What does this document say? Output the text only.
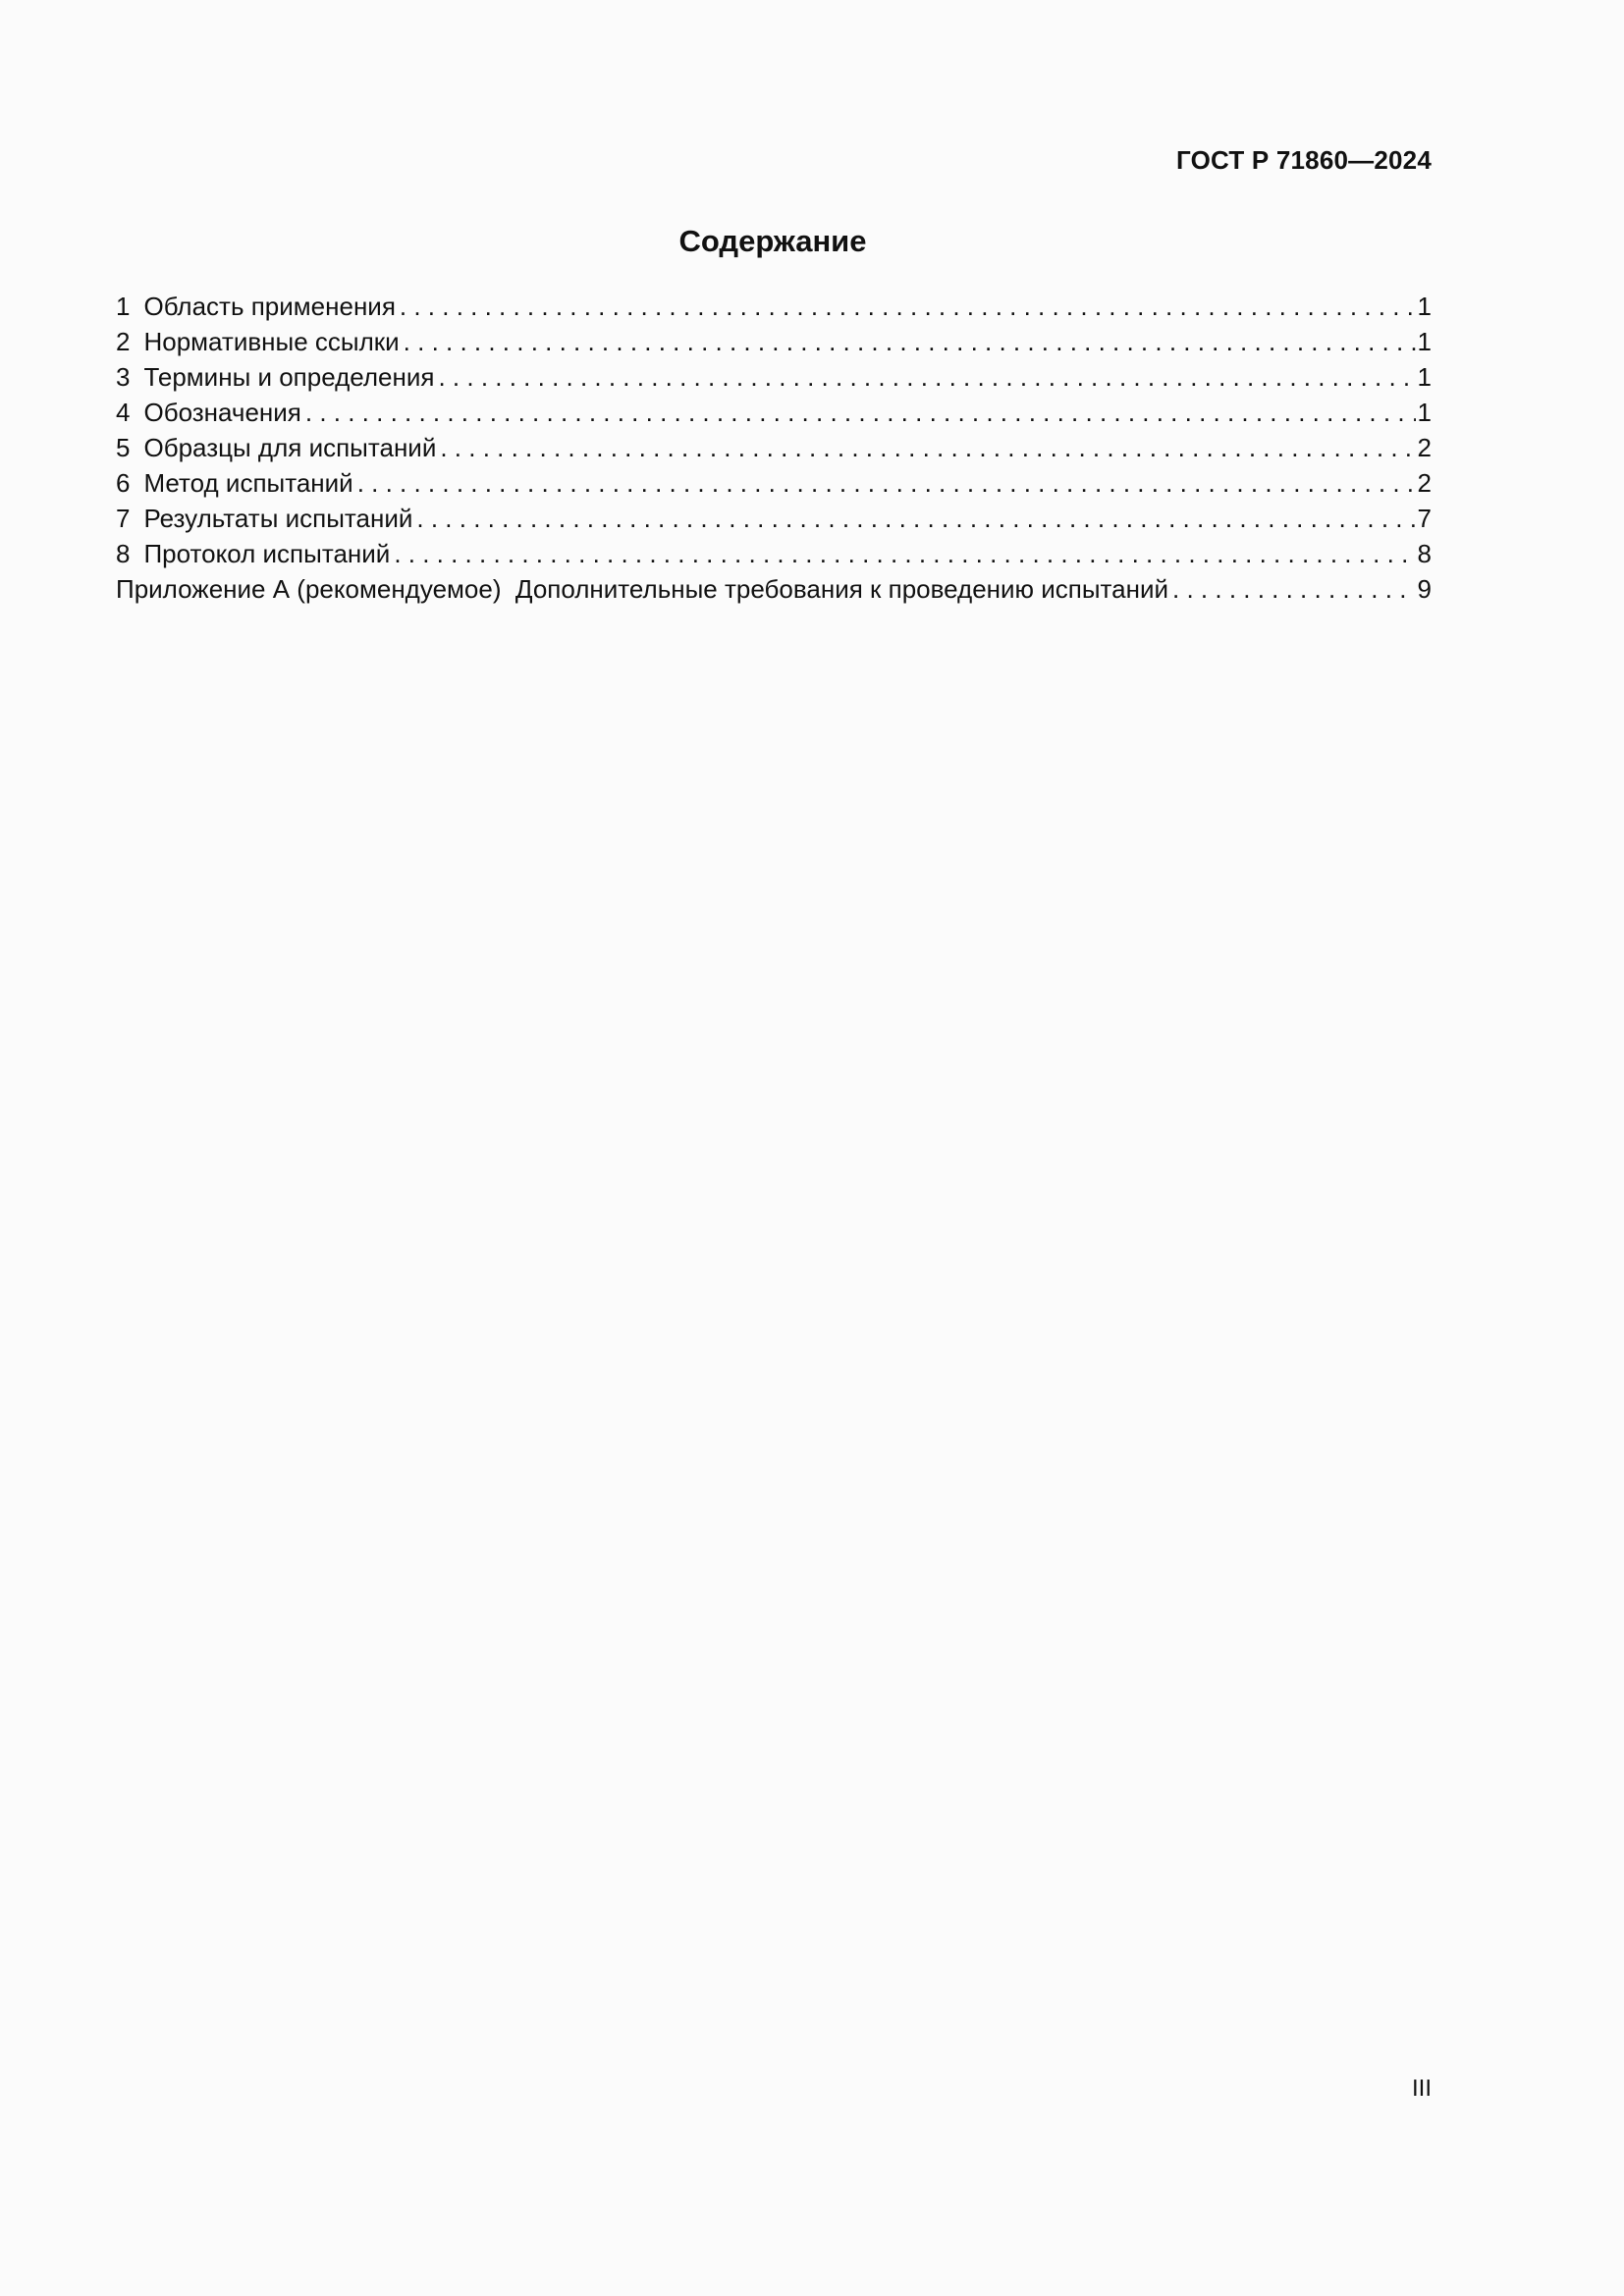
ГОСТ Р 71860—2024
Содержание
1 Область применения . . .	1
2 Нормативные ссылки . . .	1
3 Термины и определения . . .	1
4 Обозначения . . .	1
5 Образцы для испытаний . . .	2
6 Метод испытаний . . .	2
7 Результаты испытаний . . .	7
8 Протокол испытаний . . .	8
Приложение А (рекомендуемое)  Дополнительные требования к проведению испытаний . . .	9
III
